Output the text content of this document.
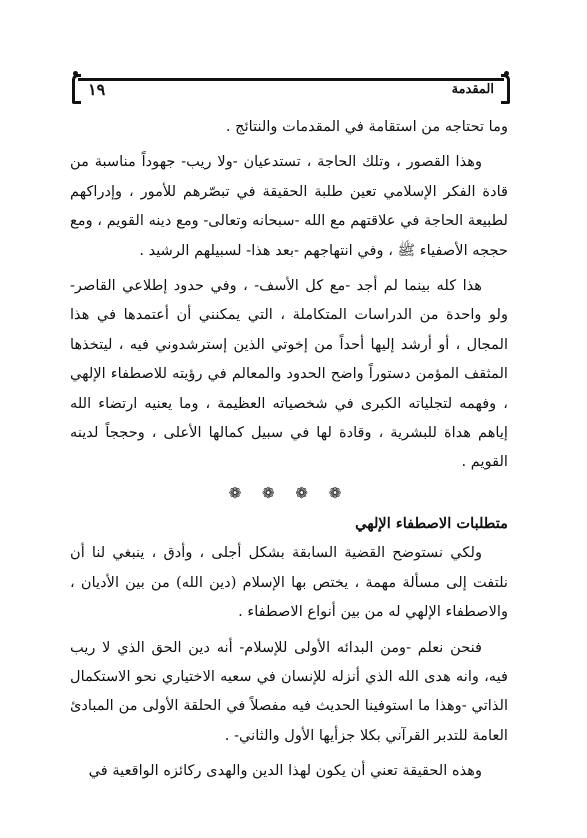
١٩	المقدمة

وما تحتاجه من استقامة في المقدمات والنتائج .

وهذا القصور ، وتلك الحاجة ، تستدعيان -ولا ريب- جهوداً مناسبة من قادة الفكر الإسلامي تعين طلبة الحقيقة في تبصّرهم للأمور ، وإدراكهم لطبيعة الحاجة في علاقتهم مع الله -سبحانه وتعالى- ومع دينه القويم ، ومع حججه الأصفياء ﷺ ، وفي انتهاجهم -بعد هذا- لسبيلهم الرشيد .

هذا كله بينما لم أجد -مع كل الأسف- ، وفي حدود إطلاعي القاصر- ولو واحدة من الدراسات المتكاملة ، التي يمكنني أن أعتمدها في هذا المجال ، أو أرشد إليها أحداً من إخوتي الذين إسترشدوني فيه ، ليتخذها المثقف المؤمن دستوراً واضح الحدود والمعالم في رؤيته للاصطفاء الإلهي ، وفهمه لتجلياته الكبرى في شخصياته العظيمة ، وما يعنيه ارتضاء الله إياهم هداة للبشرية ، وقادة لها في سبيل كمالها الأعلى ، وحججاً لدينه القويم .

❁ ❁ ❁ ❁

متطلبات الاصطفاء الإلهي

ولكي نستوضح القضية السابقة بشكل أجلى ، وأدق ، ينبغي لنا أن نلتفت إلى مسألة مهمة ، يختص بها الإسلام (دين الله) من بين الأديان ، والاصطفاء الإلهي له من بين أنواع الاصطفاء .

فنحن نعلم -ومن البدائه الأولى للإسلام- أنه دين الحق الذي لا ريب فيه، وانه هدى الله الذي أنزله للإنسان في سعيه الاختياري نحو الاستكمال الذاتي -وهذا ما استوفينا الحديث فيه مفصلاً في الحلقة الأولى من المبادئ العامة للتدبر القرآني بكلا جزأيها الأول والثاني- .

وهذه الحقيقة تعني أن يكون لهذا الدين والهدى ركائزه الواقعية في
